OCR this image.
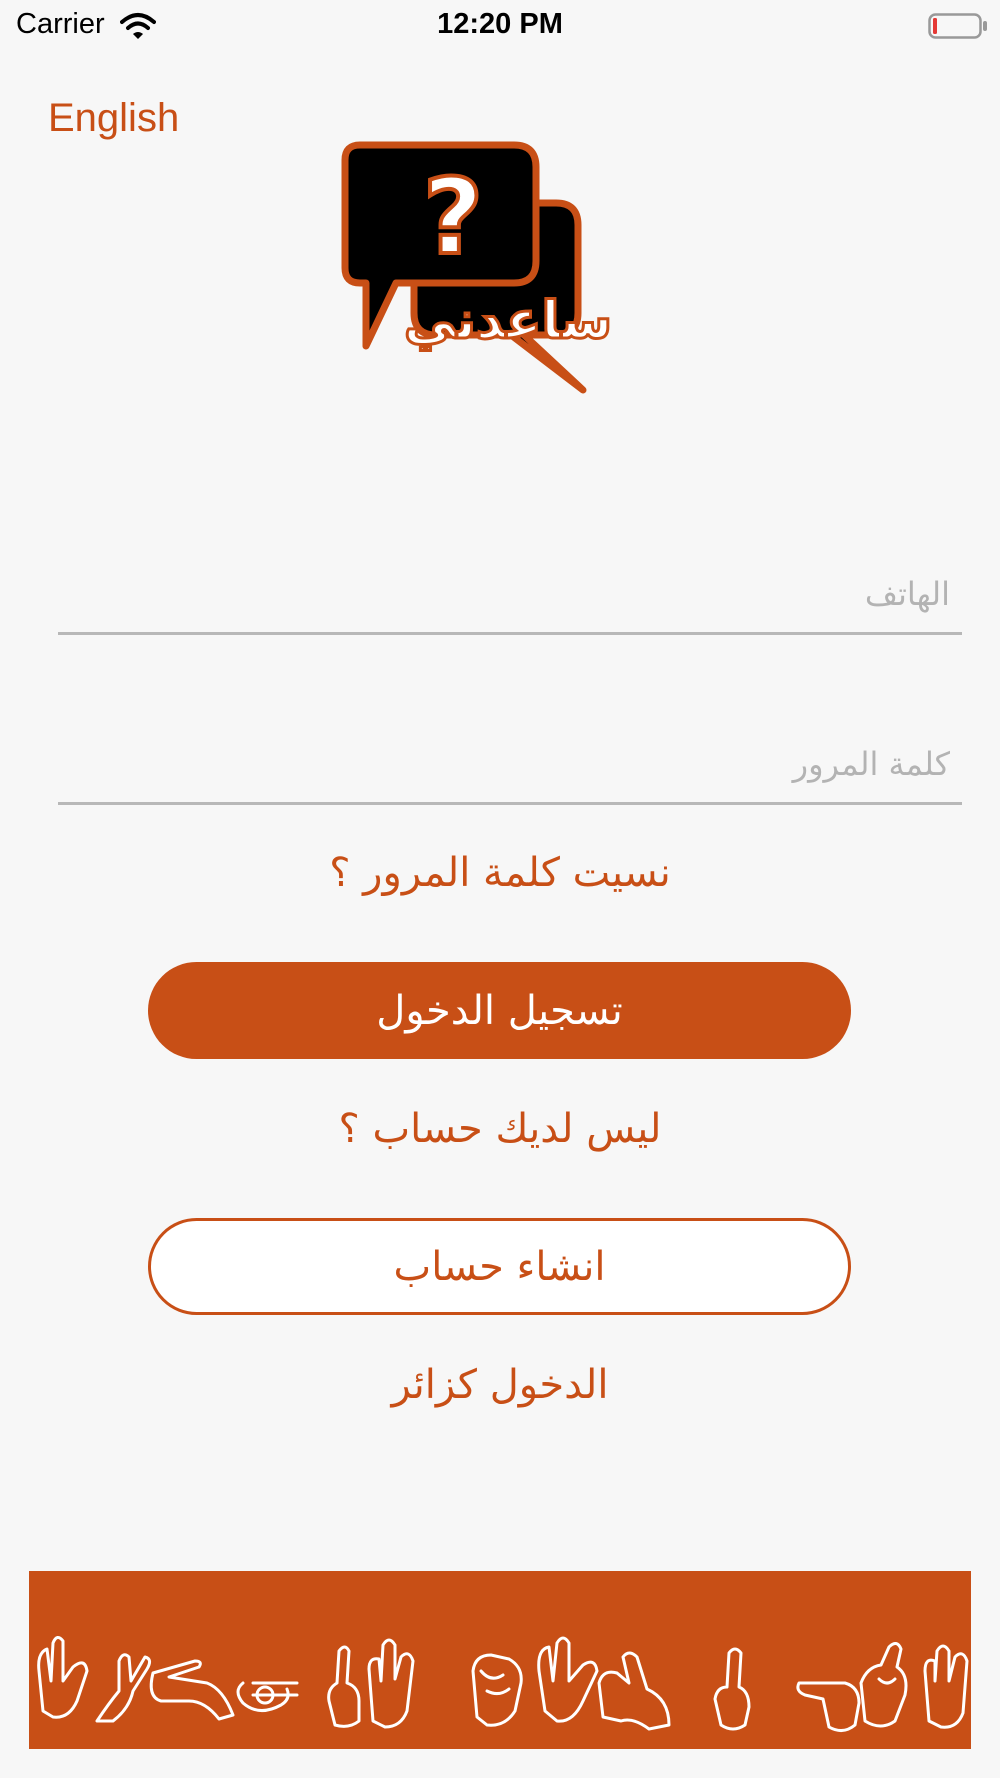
Carrier	12:20 PM
English
?
ساعدني
الهاتف
نسيت كلمة المرور ؟
تسجيل الدخول
ليس لديك حساب ؟
انشاء حساب
الدخول كزائر
